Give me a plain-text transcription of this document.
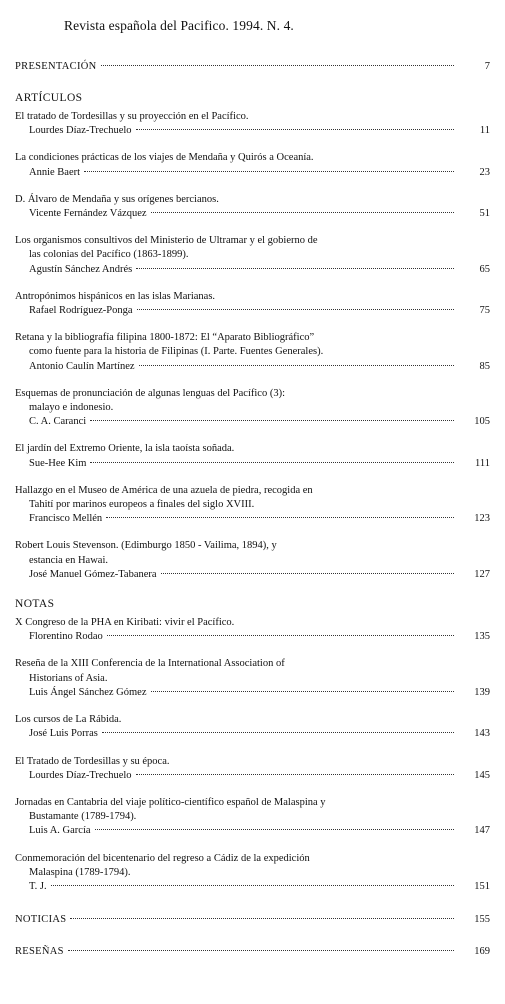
Revista española del Pacifico. 1994. N. 4.
PRESENTACIÓN	7
ARTÍCULOS
El tratado de Tordesillas y su proyección en el Pacífico.
Lourdes Díaz-Trechuelo	11
La condiciones prácticas de los viajes de Mendaña y Quirós a Oceanía.
Annie Baert	23
D. Álvaro de Mendaña y sus orígenes bercianos.
Vicente Fernández Vázquez	51
Los organismos consultivos del Ministerio de Ultramar y el gobierno de
las colonias del Pacífico (1863-1899).
Agustín Sánchez Andrés	65
Antropónimos hispánicos en las islas Marianas.
Rafael Rodríguez-Ponga	75
Retana y la bibliografía filipina 1800-1872: El “Aparato Bibliográfico”
como fuente para la historia de Filipinas (I. Parte. Fuentes Generales).
Antonio Caulín Martínez	85
Esquemas de pronunciación de algunas lenguas del Pacífico (3):
malayo e indonesio.
C. A. Caranci	105
El jardín del Extremo Oriente, la isla taoísta soñada.
Sue-Hee Kim	111
Hallazgo en el Museo de América de una azuela de piedra, recogida en
Tahití por marinos europeos a finales del siglo XVIII.
Francisco Mellén	123
Robert Louis Stevenson. (Edimburgo 1850 - Vailima, 1894), y
estancia en Hawai.
José Manuel Gómez-Tabanera	127
NOTAS
X Congreso de la PHA en Kiribati: vivir el Pacífico.
Florentino Rodao	135
Reseña de la XIII Conferencia de la International Association of
Historians of Asia.
Luis Ángel Sánchez Gómez	139
Los cursos de La Rábida.
José Luis Porras	143
El Tratado de Tordesillas y su época.
Lourdes Díaz-Trechuelo	145
Jornadas en Cantabria del viaje político-científico español de Malaspina y
Bustamante (1789-1794).
Luis A. García	147
Conmemoración del bicentenario del regreso a Cádiz de la expedición
Malaspina (1789-1794).
T. J.	151
NOTICIAS	155
RESEÑAS	169
